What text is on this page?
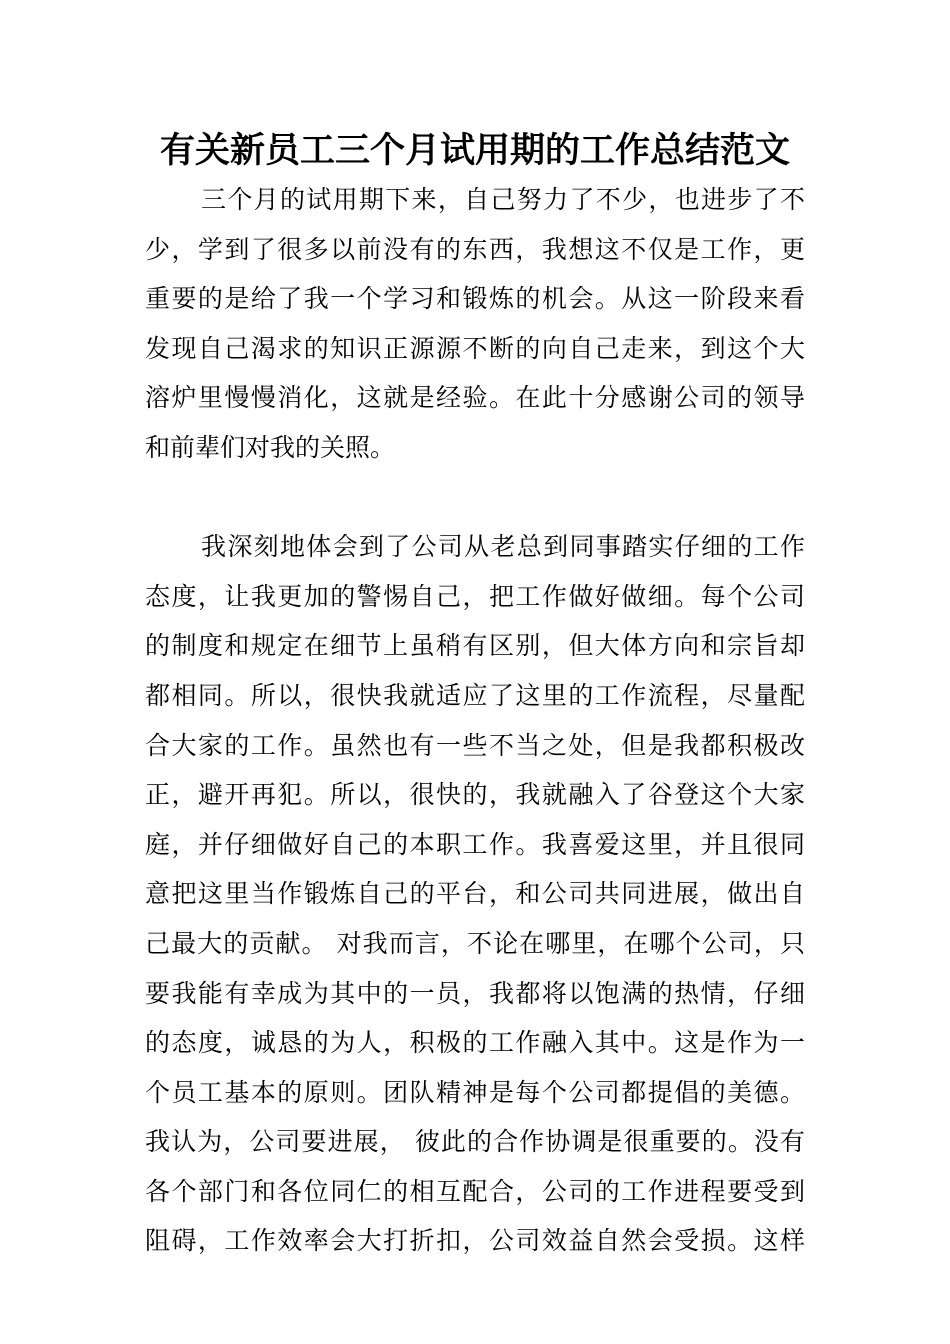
有关新员工三个月试用期的工作总结范文
三个月的试用期下来，自己努力了不少，也进步了不
少，学到了很多以前没有的东西，我想这不仅是工作，更
重要的是给了我一个学习和锻炼的机会。从这一阶段来看
发现自己渴求的知识正源源不断的向自己走来，到这个大
溶炉里慢慢消化，这就是经验。在此十分感谢公司的领导
和前辈们对我的关照。
我深刻地体会到了公司从老总到同事踏实仔细的工作
态度，让我更加的警惕自己，把工作做好做细。每个公司
的制度和规定在细节上虽稍有区别，但大体方向和宗旨却
都相同。所以，很快我就适应了这里的工作流程，尽量配
合大家的工作。虽然也有一些不当之处，但是我都积极改
正，避开再犯。所以，很快的，我就融入了谷登这个大家
庭，并仔细做好自己的本职工作。我喜爱这里，并且很同
意把这里当作锻炼自己的平台，和公司共同进展，做出自
己最大的贡献。 对我而言，不论在哪里，在哪个公司，只
要我能有幸成为其中的一员，我都将以饱满的热情，仔细
的态度，诚恳的为人，积极的工作融入其中。这是作为一
个员工基本的原则。团队精神是每个公司都提倡的美德。
我认为，公司要进展， 彼此的合作协调是很重要的。没有
各个部门和各位同仁的相互配合，公司的工作进程要受到
阻碍，工作效率会大打折扣，公司效益自然会受损。这样
